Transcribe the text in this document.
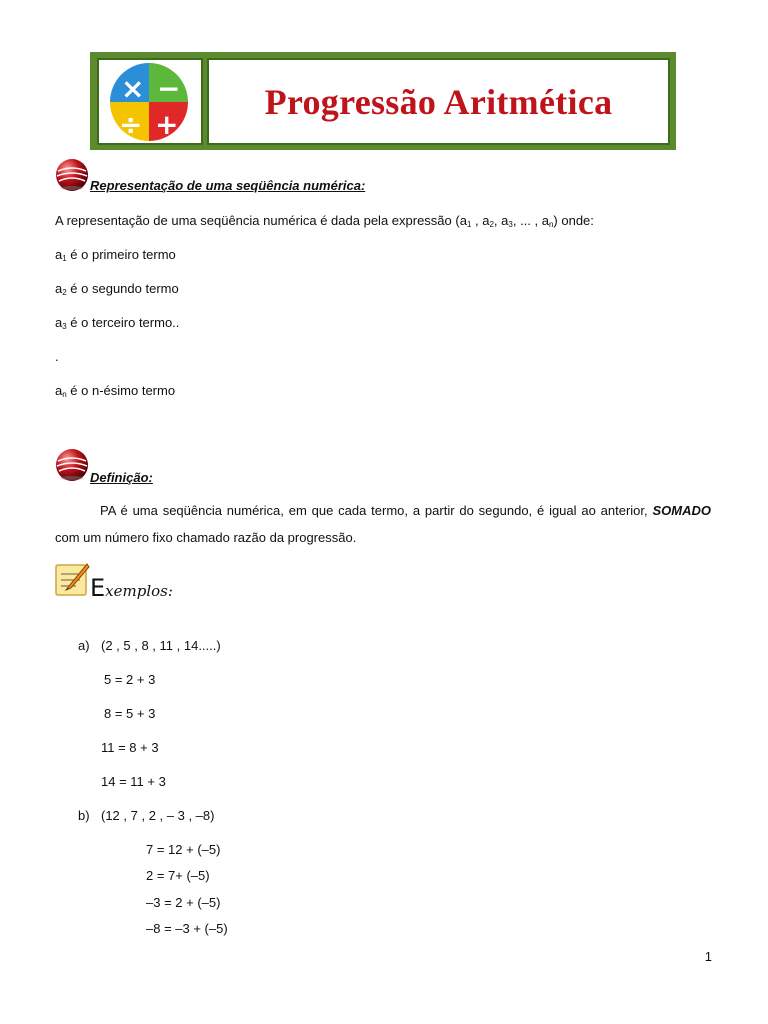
× −
÷ +
Progressão Aritmética
Representação de uma seqüência numérica:
A representação de uma seqüência numérica é dada pela expressão ($a_1$ , $a_2$, $a_3$, ... , $a_n$) onde:
$a_1$ é o primeiro termo
$a_2$ é o segundo termo
$a_3$ é o terceiro termo..
.
$a_n$ é o n-ésimo termo
Definição:
PA é uma seqüência numérica, em que cada termo, a partir do segundo, é igual ao anterior, SOMADO com um número fixo chamado razão da progressão.
Exemplos:
a) (2 , 5 , 8 , 11 , 14.....)
5 = 2 + 3
8 = 5 + 3
11 = 8 + 3
14 = 11 + 3
b) (12 , 7 , 2 , – 3 , –8)
7 = 12 + (–5)
2 = 7+ (–5)
–3 = 2 + (–5)
–8 = –3 + (–5)
1
